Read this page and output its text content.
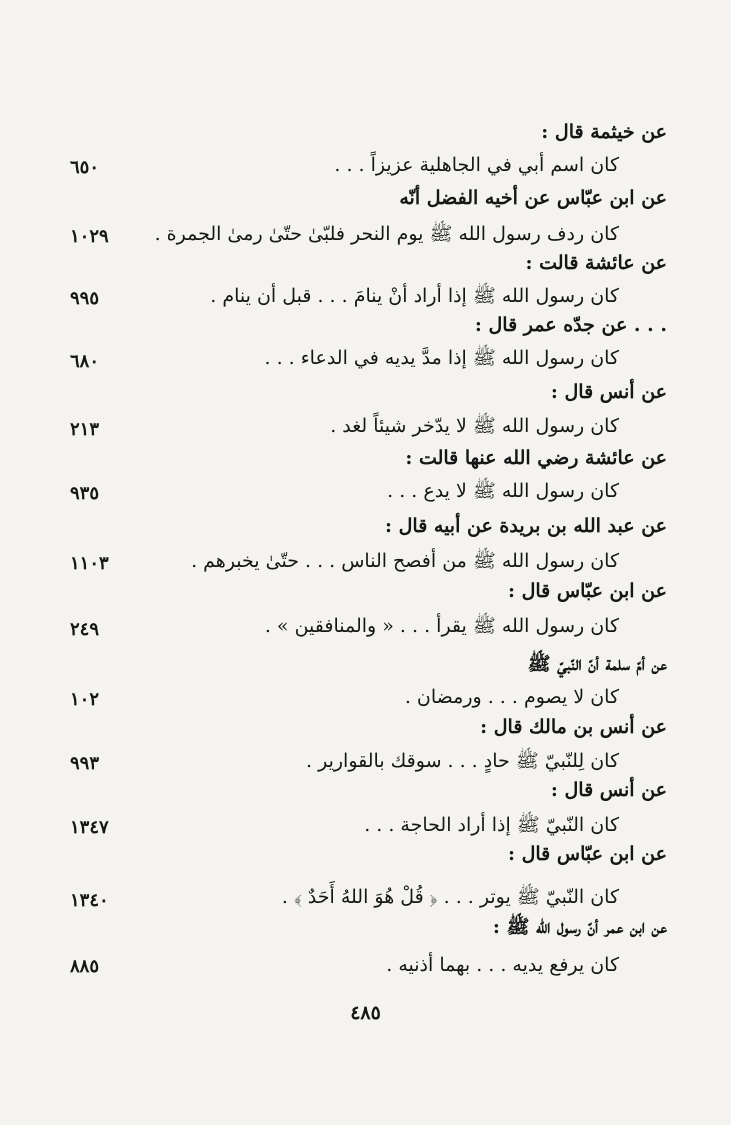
عن خيثمة قال :
كان اسم أبي في الجاهلية عزيزاً . . .
٦٥٠
عن ابن عبّاس عن أخيه الفضل أنّه
كان ردف رسول الله ﷺ يوم النحر فلبّىٰ حتّىٰ رمىٰ الجمرة .
١٠٢٩
عن عائشة قالت :
كان رسول الله ﷺ إذا أراد أنْ ينامَ . . . قبل أن ينام .
٩٩٥
. . . عن جدّه عمر قال :
كان رسول الله ﷺ إذا مدَّ يديه في الدعاء . . .
٦٨٠
عن أنس قال :
كان رسول الله ﷺ لا يدّخر شيئاً لغد .
٢١٣
عن عائشة رضي الله عنها قالت :
كان رسول الله ﷺ لا يدع . . .
٩٣٥
عن عبد الله بن بريدة عن أبيه قال :
كان رسول الله ﷺ من أفصح الناس . . . حتّىٰ يخبرهم .
١١٠٣
عن ابن عبّاس قال :
كان رسول الله ﷺ يقرأ . . . « والمنافقين » .
٢٤٩
عن أمّ سلمة أنّ النّبيّ ﷺ
كان لا يصوم . . . ورمضان .
١٠٢
عن أنس بن مالك قال :
كان لِلنّبيّ ﷺ حادٍ . . . سوقك بالقوارير .
٩٩٣
عن أنس قال :
كان النّبيّ ﷺ إذا أراد الحاجة . . .
١٣٤٧
عن ابن عبّاس قال :
كان النّبيّ ﷺ يوتر . . . ﴿ قُلْ هُوَ اللهُ أَحَدٌ ﴾ .
١٣٤٠
عن ابن عمر أنّ رسول الله ﷺ :
كان يرفع يديه . . . بهما أذنيه .
٨٨٥
٤٨٥
